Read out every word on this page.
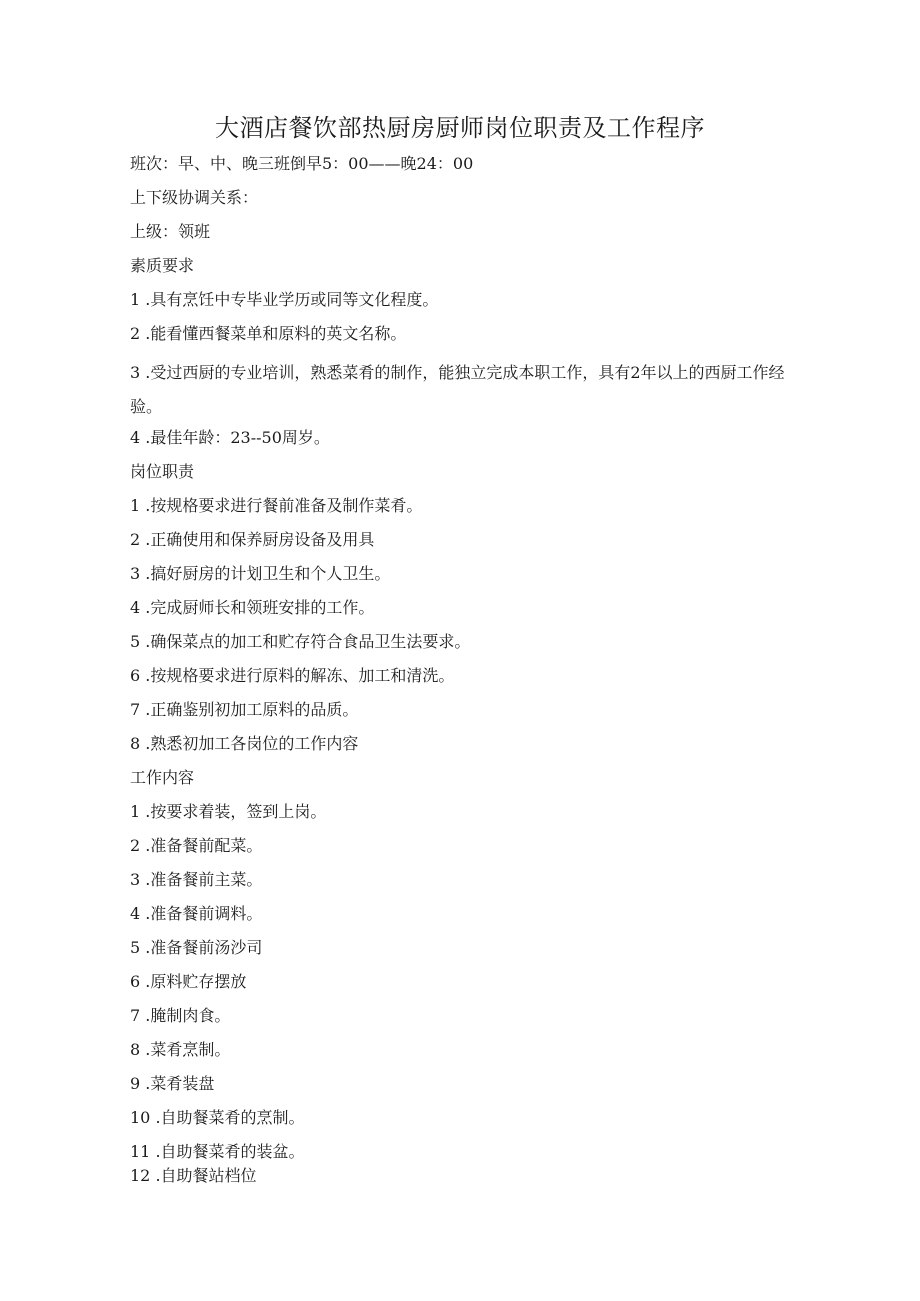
大酒店餐饮部热厨房厨师岗位职责及工作程序
班次：早、中、晚三班倒早5：00——晚24：00
上下级协调关系：
上级：领班
素质要求
1 .具有烹饪中专毕业学历或同等文化程度。
2 .能看懂西餐菜单和原料的英文名称。
3 .受过西厨的专业培训，熟悉菜肴的制作，能独立完成本职工作，具有2年以上的西厨工作经验。
4 .最佳年龄：23--50周岁。
岗位职责
1 .按规格要求进行餐前准备及制作菜肴。
2 .正确使用和保养厨房设备及用具
3 .搞好厨房的计划卫生和个人卫生。
4 .完成厨师长和领班安排的工作。
5 .确保菜点的加工和贮存符合食品卫生法要求。
6 .按规格要求进行原料的解冻、加工和清洗。
7 .正确鉴别初加工原料的品质。
8 .熟悉初加工各岗位的工作内容
工作内容
1 .按要求着装，签到上岗。
2 .准备餐前配菜。
3 .准备餐前主菜。
4 .准备餐前调料。
5 .准备餐前汤沙司
6 .原料贮存摆放
7 .腌制肉食。
8 .菜肴烹制。
9 .菜肴装盘
10 .自助餐菜肴的烹制。
11 .自助餐菜肴的装盆。
12 .自助餐站档位
